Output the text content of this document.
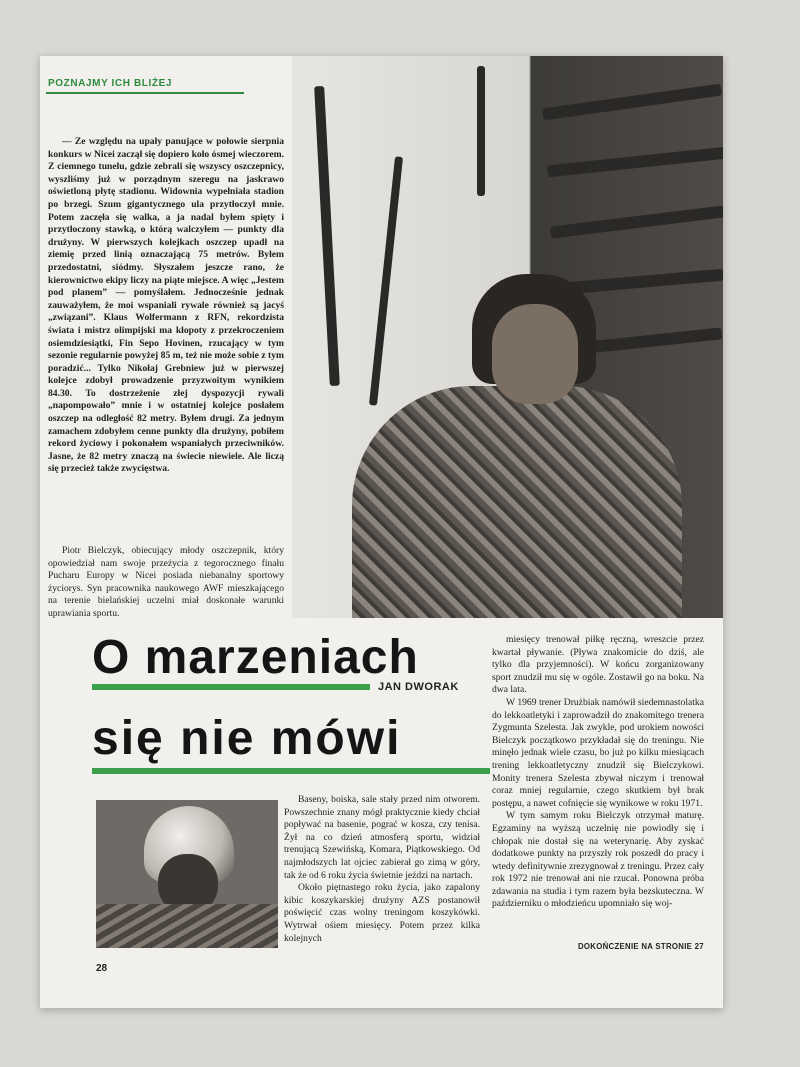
POZNAJMY ICH BLIŻEJ

— Ze względu na upały panujące w połowie sierpnia konkurs w Nicei zaczął się dopiero koło ósmej wieczorem. Z ciemnego tunelu, gdzie zebrali się wszyscy oszczepnicy, wyszliśmy już w porządnym szeregu na jaskrawo oświetloną płytę stadionu. Widownia wypełniała stadion po brzegi. Szum gigantycznego ula przytłoczył mnie. Potem zaczęła się walka, a ja nadal byłem spięty i przytłoczony stawką, o którą walczyłem — punkty dla drużyny. W pierwszych kolejkach oszczep upadł na ziemię przed linią oznaczającą 75 metrów. Byłem przedostatni, siódmy. Słyszałem jeszcze rano, że kierownictwo ekipy liczy na piąte miejsce. A więc „Jestem pod planem” — pomyślałem. Jednocześnie jednak zauważyłem, że moi wspaniali rywale również są jacyś „związani”. Klaus Wolfermann z RFN, rekordzista świata i mistrz olimpijski ma kłopoty z przekroczeniem osiemdziesiątki, Fin Sepo Hovinen, rzucający w tym sezonie regularnie powyżej 85 m, też nie może sobie z tym poradzić... Tylko Nikołaj Grebniew już w pierwszej kolejce zdobył prowadzenie przyzwoitym wynikiem 84.30. To dostrzeżenie złej dyspozycji rywali „napompowało” mnie i w ostatniej kolejce posłałem oszczep na odległość 82 metry. Byłem drugi. Za jednym zamachem zdobyłem cenne punkty dla drużyny, pobiłem rekord życiowy i pokonałem wspaniałych przeciwników. Jasne, że 82 metry znaczą na świecie niewiele. Ale liczą się przecież także zwycięstwa.

Piotr Bielczyk, obiecujący młody oszczepnik, który opowiedział nam swoje przeżycia z tegorocznego finału Pucharu Europy w Nicei posiada niebanalny sportowy życiorys. Syn pracownika naukowego AWF mieszkającego na terenie bielańskiej uczelni miał doskonałe warunki uprawiania sportu.

O marzeniach
JAN DWORAK
się nie mówi

miesięcy trenował piłkę ręczną, wreszcie przez kwartał pływanie. (Pływa znakomicie do dziś, ale tylko dla przyjemności). W końcu zorganizowany sport znudził mu się w ogóle. Zostawił go na boku. Na dwa lata.

W 1969 trener Drużbiak namówił siedemnastolatka do lekkoatletyki i zaprowadził do znakomitego trenera Zygmunta Szelesta. Jak zwykle, pod urokiem nowości Bielczyk początkowo przykładał się do treningu. Nie minęło jednak wiele czasu, bo już po kilku miesiącach trening lekkoatletyczny znudził się Bielczykowi. Monity trenera Szelesta zbywał niczym i trenował coraz mniej regularnie, czego skutkiem był brak postępu, a nawet cofnięcie się wynikowe w roku 1971.

W tym samym roku Bielczyk otrzymał maturę. Egzaminy na wyższą uczelnię nie powiodły się i chłopak nie dostał się na weterynarię. Aby zyskać dodatkowe punkty na przyszły rok poszedł do pracy i wtedy definitywnie zrezygnował z treningu. Przez cały rok 1972 nie trenował ani nie rzucał. Ponowna próba zdawania na studia i tym razem była bezskuteczna. W październiku o młodzieńcu upomniało się woj-

Baseny, boiska, sale stały przed nim otworem. Powszechnie znany mógł praktycznie kiedy chciał popływać na basenie, pograć w kosza, czy tenisa. Żył na co dzień atmosferą sportu, widział trenującą Szewińską, Komara, Piątkowskiego. Od najmłodszych lat ojciec zabierał go zimą w góry, tak że od 6 roku życia świetnie jeździ na nartach.

Około piętnastego roku życia, jako zapalony kibic koszykarskiej drużyny AZS postanowił poświęcić czas wolny treningom koszykówki. Wytrwał ośiem miesięcy. Potem przez kilka kolejnych

DOKOŃCZENIE NA STRONIE 27
28
